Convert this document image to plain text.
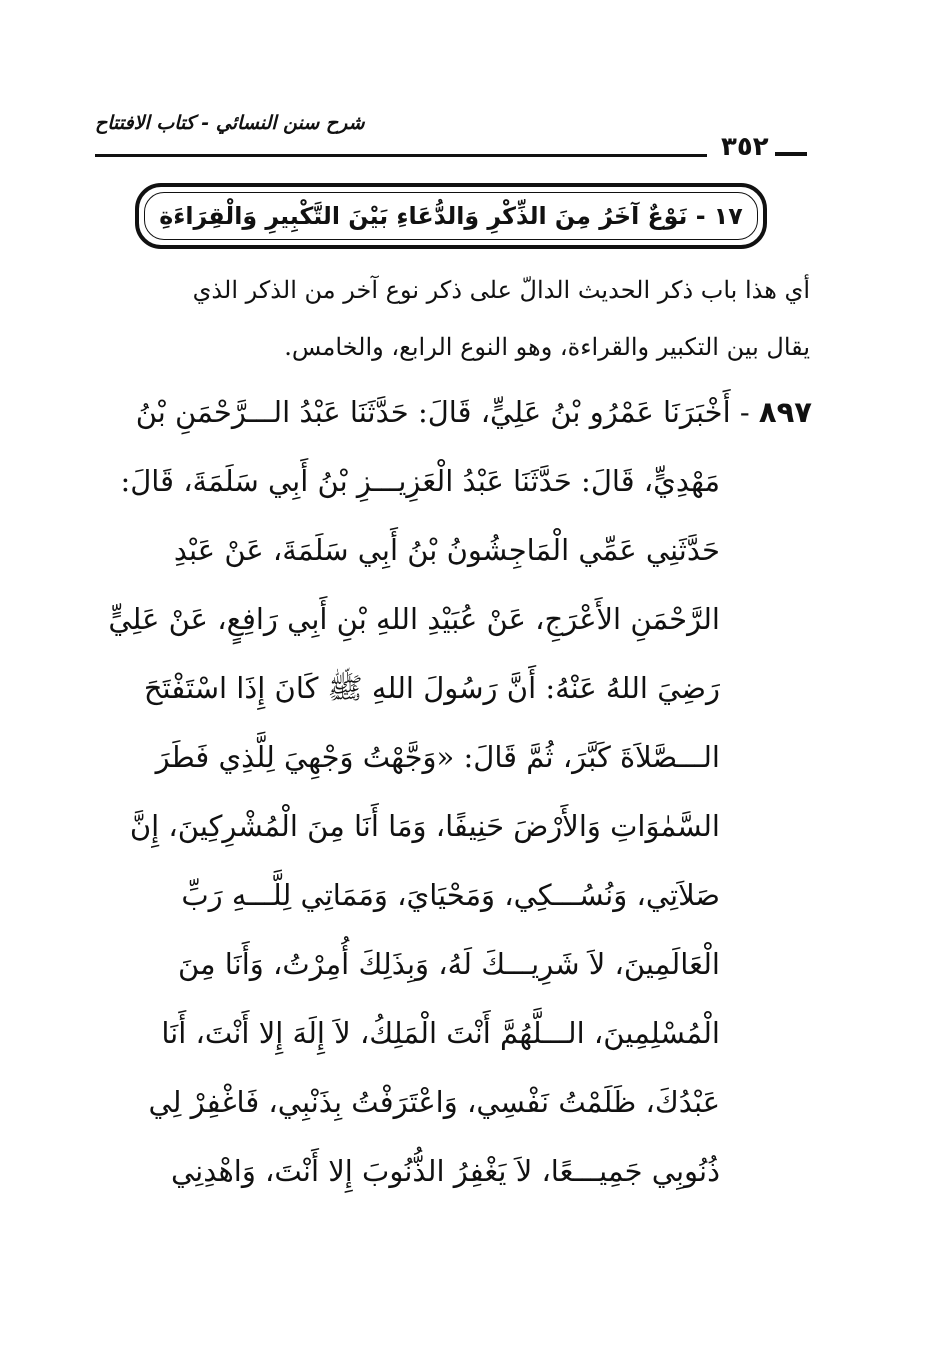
شرح سنن النسائي - كتاب الافتتاح
٣٥٢
١٧ - نَوْعٌ آخَرُ مِنَ الذِّكْرِ وَالدُّعَاءِ بَيْنَ التَّكْبِيرِ وَالْقِرَاءَةِ
أي هذا باب ذكر الحديث الدالّ على ذكر نوع آخر من الذكر الذي
يقال بين التكبير والقراءة، وهو النوع الرابع، والخامس.
٨٩٧ - أَخْبَرَنَا عَمْرُو بْنُ عَلِيٍّ، قَالَ: حَدَّثَنَا عَبْدُ الـــرَّحْمَنِ بْنُ
مَهْدِيٍّ، قَالَ: حَدَّثَنَا عَبْدُ الْعَزِيـــزِ بْنُ أَبِي سَلَمَةَ، قَالَ:
حَدَّثَنِي عَمِّي الْمَاجِشُونُ بْنُ أَبِي سَلَمَةَ، عَنْ عَبْدِ
الرَّحْمَنِ الأَعْرَجِ، عَنْ عُبَيْدِ اللهِ بْنِ أَبِي رَافِعٍ، عَنْ عَلِيٍّ
رَضِيَ اللهُ عَنْهُ: أَنَّ رَسُولَ اللهِ ﷺ كَانَ إِذَا اسْتَفْتَحَ
الـــصَّلاَةَ كَبَّرَ، ثُمَّ قَالَ: «وَجَّهْتُ وَجْهِيَ لِلَّذِي فَطَرَ
السَّمٰوَاتِ وَالأَرْضَ حَنِيفًا، وَمَا أَنَا مِنَ الْمُشْرِكِينَ، إِنَّ
صَلاَتِي، وَنُسُـــكِي، وَمَحْيَايَ، وَمَمَاتِي لِلَّـــهِ رَبِّ
الْعَالَمِينَ، لاَ شَرِيـــكَ لَهُ، وَبِذَلِكَ أُمِرْتُ، وَأَنَا مِنَ
الْمُسْلِمِينَ، الـــلَّهُمَّ أَنْتَ الْمَلِكُ، لاَ إِلَهَ إِلا أَنْتَ، أَنَا
عَبْدُكَ، ظَلَمْتُ نَفْسِي، وَاعْتَرَفْتُ بِذَنْبِي، فَاغْفِرْ لِي
ذُنُوبِي جَمِيـــعًا، لاَ يَغْفِرُ الذُّنُوبَ إِلا أَنْتَ، وَاهْدِنِي
